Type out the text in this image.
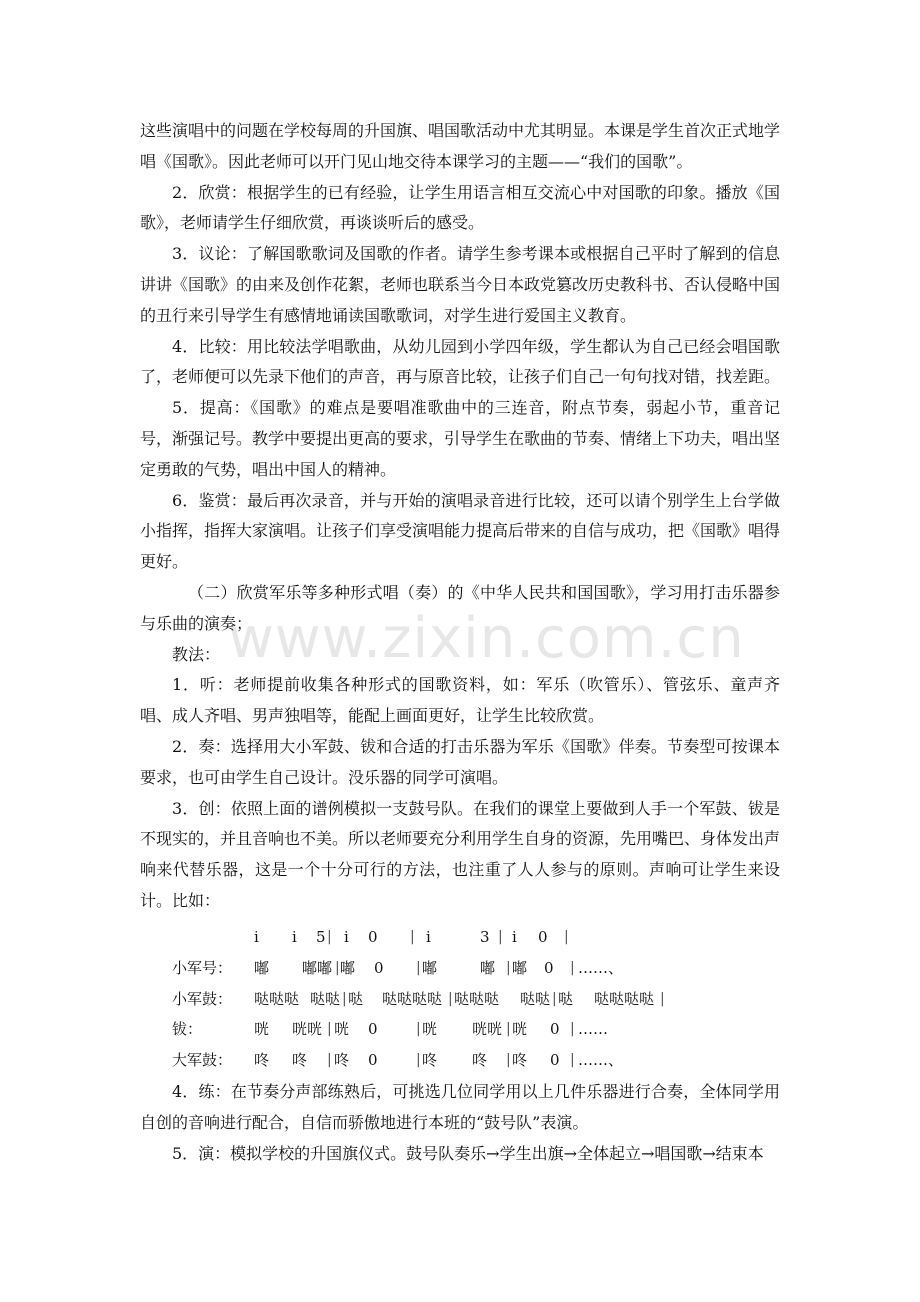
这些演唱中的问题在学校每周的升国旗、唱国歌活动中尤其明显。本课是学生首次正式地学唱《国歌》。因此老师可以开门见山地交待本课学习的主题——“我们的国歌”。

2．欣赏：根据学生的已有经验，让学生用语言相互交流心中对国歌的印象。播放《国歌》，老师请学生仔细欣赏，再谈谈听后的感受。

3．议论：了解国歌歌词及国歌的作者。请学生参考课本或根据自己平时了解到的信息讲讲《国歌》的由来及创作花絮，老师也联系当今日本政党篡改历史教科书、否认侵略中国的丑行来引导学生有感情地诵读国歌歌词，对学生进行爱国主义教育。

4．比较：用比较法学唱歌曲，从幼儿园到小学四年级，学生都认为自己已经会唱国歌了，老师便可以先录下他们的声音，再与原音比较，让孩子们自己一句句找对错，找差距。

5．提高：《国歌》的难点是要唱准歌曲中的三连音，附点节奏，弱起小节，重音记号，渐强记号。教学中要提出更高的要求，引导学生在歌曲的节奏、情绪上下功夫，唱出坚定勇敢的气势，唱出中国人的精神。

6．鉴赏：最后再次录音，并与开始的演唱录音进行比较，还可以请个别学生上台学做小指挥，指挥大家演唱。让孩子们享受演唱能力提高后带来的自信与成功，把《国歌》唱得更好。

（二）欣赏军乐等多种形式唱（奏）的《中华人民共和国国歌》，学习用打击乐器参与乐曲的演奏；

教法：

1．听：老师提前收集各种形式的国歌资料，如：军乐（吹管乐）、管弦乐、童声齐唱、成人齐唱、男声独唱等，能配上画面更好，让学生比较欣赏。

2．奏：选择用大小军鼓、钹和合适的打击乐器为军乐《国歌》伴奏。节奏型可按课本要求，也可由学生自己设计。没乐器的同学可演唱。

3．创：依照上面的谱例模拟一支鼓号队。在我们的课堂上要做到人手一个军鼓、钹是不现实的，并且音响也不美。所以老师要充分利用学生自身的资源，先用嘴巴、身体发出声响来代替乐器，这是一个十分可行的方法，也注重了人人参与的原则。声响可让学生来设计。比如：

www.zixin.com.cn
i i 5 | i 0 | i	3 | i 0 |
小军号： 嘟 嘟嘟 | 嘟 0 | 嘟	嘟 | 嘟 0 | ……、
小军鼓： 哒哒哒 哒哒 | 哒 哒哒哒哒 | 哒哒哒 哒哒 | 哒 哒哒哒哒 |
钹：	咣 咣咣 | 咣 0	| 咣 咣咣 | 咣 0 | ……
大军鼓： 咚 咚 | 咚 0	| 咚 咚 | 咚 0 | ……、

4．练：在节奏分声部练熟后，可挑选几位同学用以上几件乐器进行合奏，全体同学用自创的音响进行配合，自信而骄傲地进行本班的“鼓号队”表演。

5．演：模拟学校的升国旗仪式。鼓号队奏乐→学生出旗→全体起立→唱国歌→结束本
